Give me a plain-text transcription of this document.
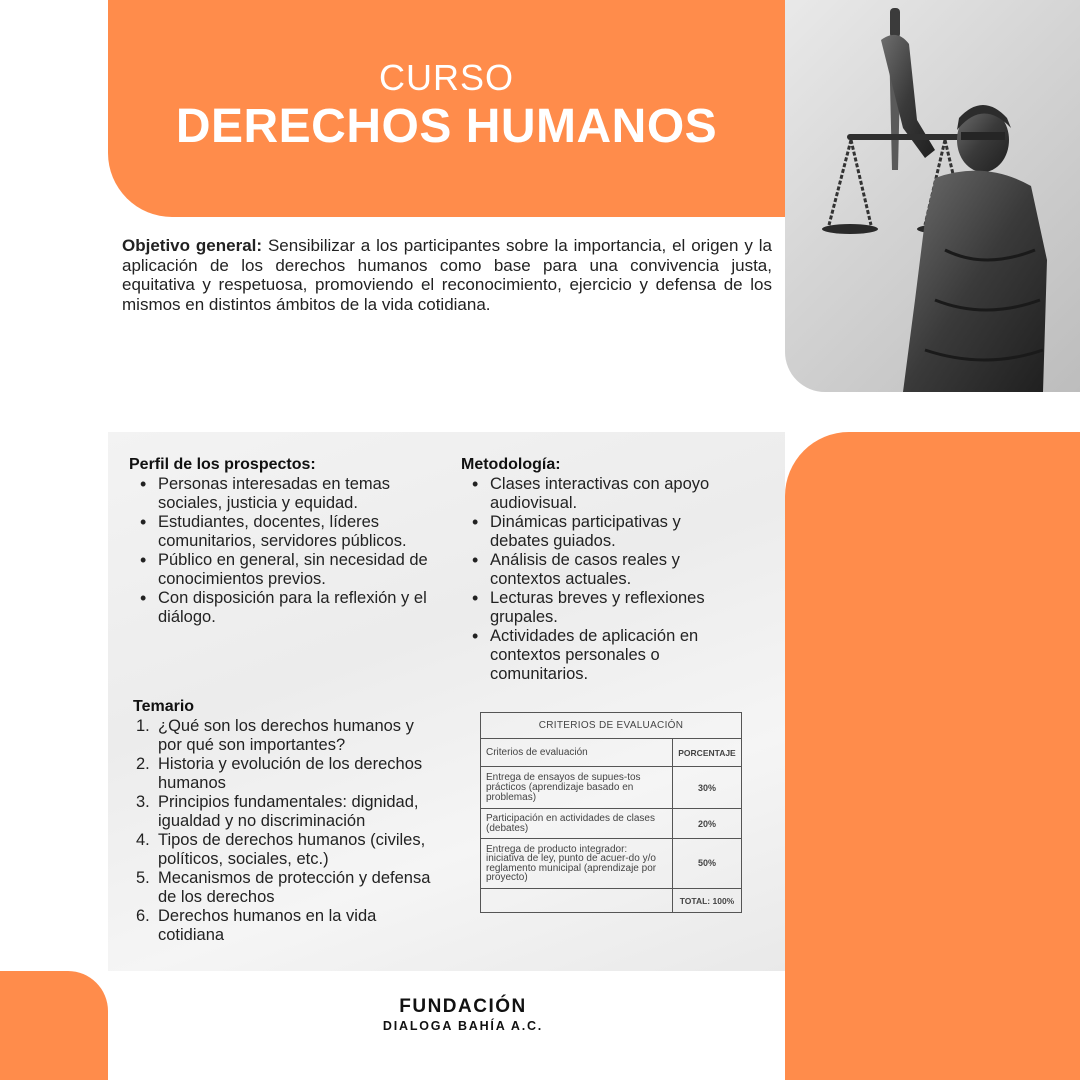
CURSO
DERECHOS HUMANOS
Objetivo general: Sensibilizar a los participantes sobre la importancia, el origen y la aplicación de los derechos humanos como base para una convivencia justa, equitativa y respetuosa, promoviendo el reconocimiento, ejercicio y defensa de los mismos en distintos ámbitos de la vida cotidiana.
Perfil de los prospectos:
• Personas interesadas en temas sociales, justicia y equidad.
• Estudiantes, docentes, líderes comunitarios, servidores públicos.
• Público en general, sin necesidad de conocimientos previos.
• Con disposición para la reflexión y el diálogo.
Metodología:
• Clases interactivas con apoyo audiovisual.
• Dinámicas participativas y debates guiados.
• Análisis de casos reales y contextos actuales.
• Lecturas breves y reflexiones grupales.
• Actividades de aplicación en contextos personales o comunitarios.
Temario
1. ¿Qué son los derechos humanos y por qué son importantes?
2. Historia y evolución de los derechos humanos
3. Principios fundamentales: dignidad, igualdad y no discriminación
4. Tipos de derechos humanos (civiles, políticos, sociales, etc.)
5. Mecanismos de protección y defensa de los derechos
6. Derechos humanos en la vida cotidiana
CRITERIOS DE EVALUACIÓN	
Criterios de evaluación	PORCENTAJE
Entrega de ensayos de supues-tos prácticos (aprendizaje basado en problemas)	30%
Participación en actividades de clases (debates)	20%
Entrega de producto integrador: iniciativa de ley, punto de acuer-do y/o reglamento municipal (aprendizaje por proyecto)	50%
	TOTAL: 100%
FUNDACIÓN
DIALOGA BAHÍA A.C.
